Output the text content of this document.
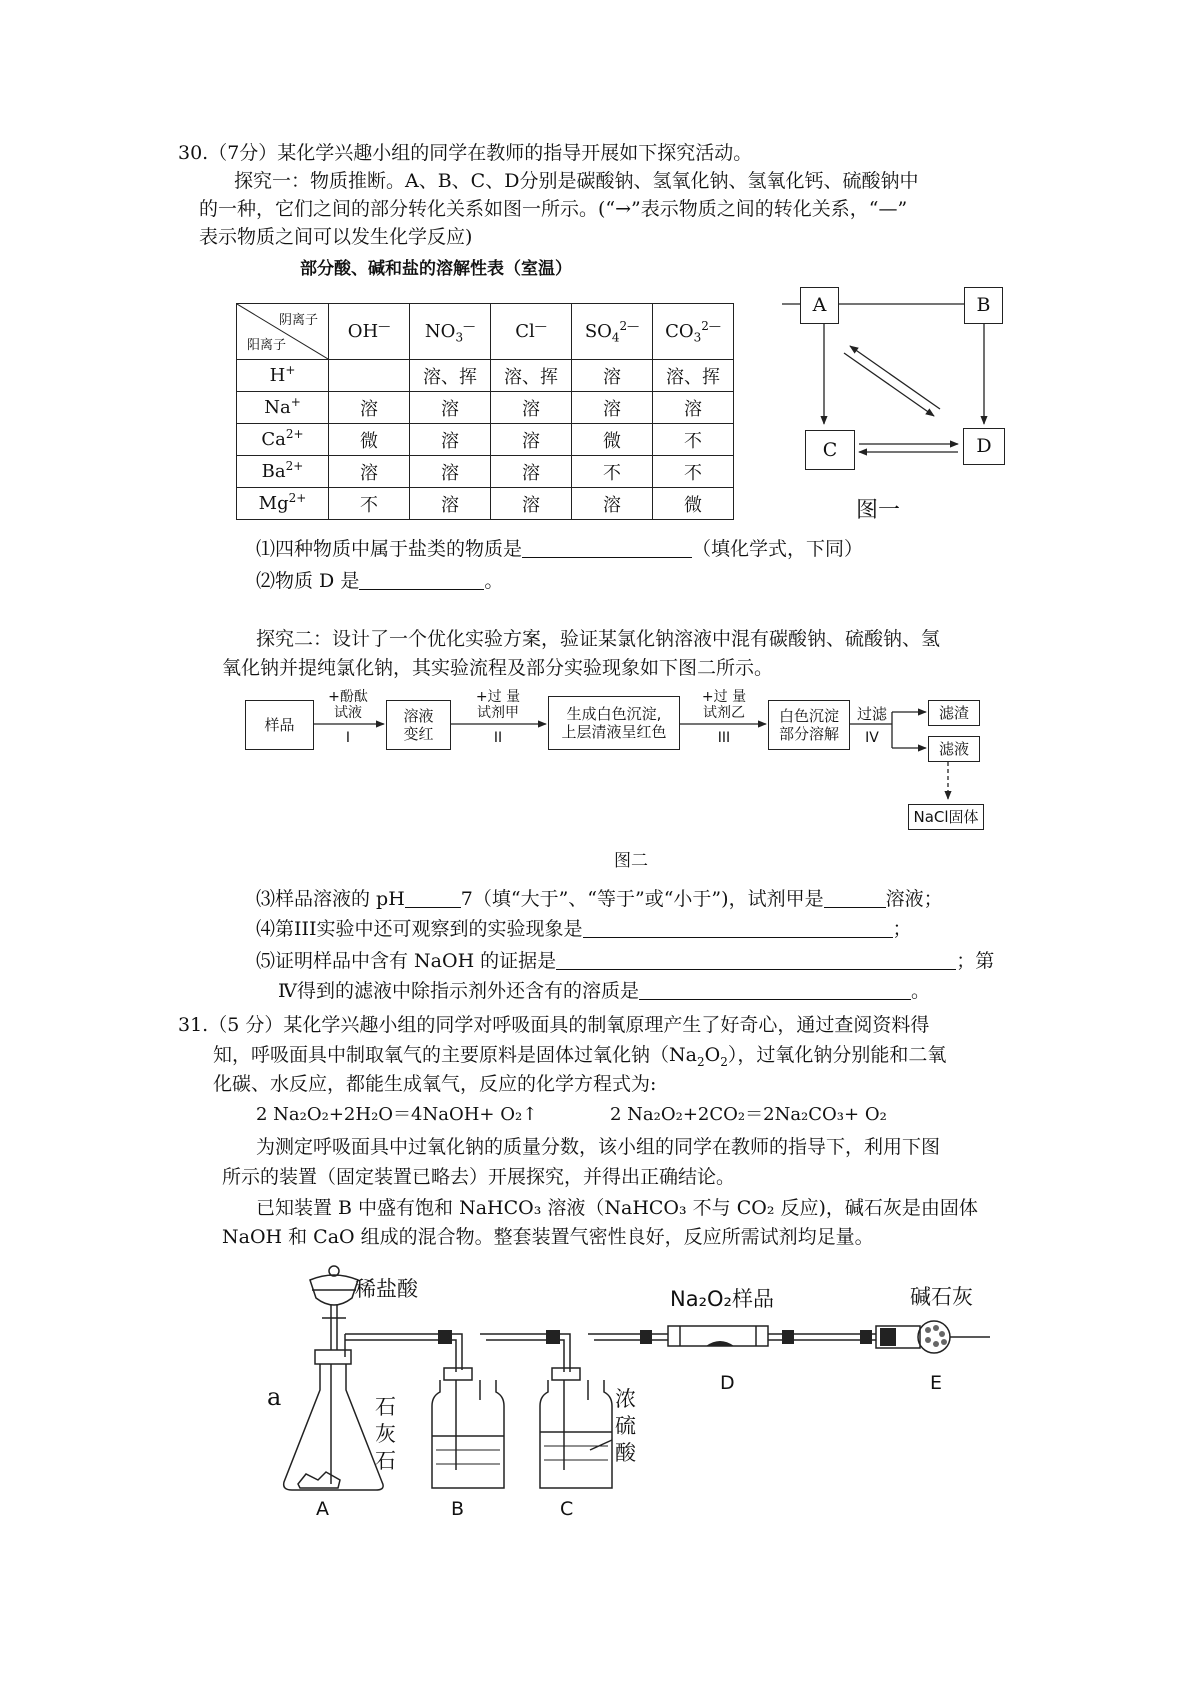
30.（7分）某化学兴趣小组的同学在教师的指导开展如下探究活动。
探究一：物质推断。A、B、C、D分别是碳酸钠、氢氧化钠、氢氧化钙、硫酸钠中
的一种，它们之间的部分转化关系如图一所示。(“→”表示物质之间的转化关系，“—”
表示物质之间可以发生化学反应)
部分酸、碱和盐的溶解性表（室温）
阴离子
阳离子	OH—	$NO_3^—$	Cl—	$SO_4^{2—}$	$CO_3^{2—}$
H+		溶、挥	溶、挥	溶	溶、挥
Na+	溶	溶	溶	溶	溶
$Ca^{2+}$	微	溶	溶	微	不
$Ba^{2+}$	溶	溶	溶	不	不
$Mg^{2+}$	不	溶	溶	溶	微
A	B
C	D
图一
⑴四种物质中属于盐类的物质是	（填化学式，下同）
⑵物质 D 是	。
探究二：设计了一个优化实验方案，验证某氯化钠溶液中混有碳酸钠、硫酸钠、氢
氧化钠并提纯氯化钠，其实验流程及部分实验现象如下图二所示。
样品
+酚酞
试液
I
溶液
变红
+过 量
试剂甲
II
生成白色沉淀,
上层清液呈红色
+过 量
试剂乙
III
白色沉淀
部分溶解
过滤
IV
滤渣
滤液
NaCl固体
图二
⑶样品溶液的 pH	7（填“大于”、“等于”或“小于”)，试剂甲是	溶液；
⑷第III实验中还可观察到的实验现象是	；
⑸证明样品中含有 NaOH 的证据是	；第
Ⅳ得到的滤液中除指示剂外还含有的溶质是	。
31.（5 分）某化学兴趣小组的同学对呼吸面具的制氧原理产生了好奇心，通过查阅资料得
知，呼吸面具中制取氧气的主要原料是固体过氧化钠$(Na_2O_2)$，过氧化钠分别能和二氧
化碳、水反应，都能生成氧气，反应的化学方程式为:
2 Na₂O₂+2H₂O＝4NaOH+ O₂↑	2 Na₂O₂+2CO₂＝2Na₂CO₃+ O₂
为测定呼吸面具中过氧化钠的质量分数，该小组的同学在教师的指导下，利用下图
所示的装置（固定装置已略去）开展探究，并得出正确结论。
已知装置 B 中盛有饱和 NaHCO₃ 溶液（NaHCO₃ 不与 CO₂ 反应)，碱石灰是由固体
NaOH 和 CaO 组成的混合物。整套装置气密性良好，反应所需试剂均足量。
稀盐酸
a	石
灰
石
浓
硫
酸
Na₂O₂样品	碱石灰
A	B	C
D	E
